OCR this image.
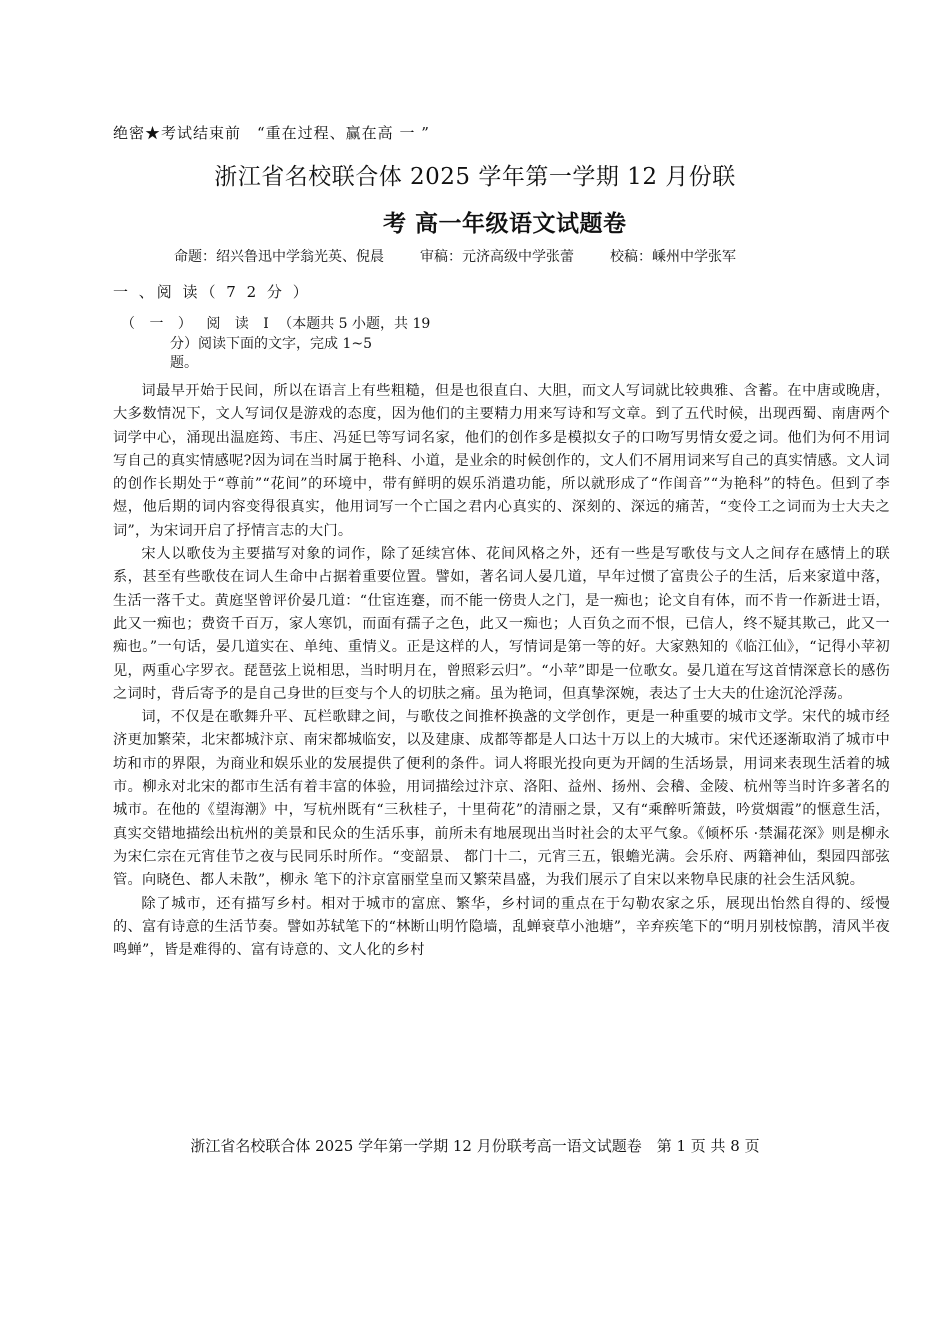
绝密★考试结束前　“重在过程、赢在高 一 ”
浙江省名校联合体 2025 学年第一学期 12 月份联
考 高一年级语文试题卷
命题：绍兴鲁迅中学翁光英、倪晨	审稿：元济高级中学张蕾	校稿：嵊州中学张军
一 、阅 读（ 7 2 分 ）
（ 一 ） 阅 读 I （本题共 5 小题，共 19
分）阅读下面的文字，完成 1~5
题。

词最早开始于民间，所以在语言上有些粗糙，但是也很直白、大胆，而文人写词就比较典雅、含蓄。在中唐或晚唐，大多数情况下，文人写词仅是游戏的态度，因为他们的主要精力用来写诗和写文章。到了五代时候，出现西蜀、南唐两个词学中心，涌现出温庭筠、韦庄、冯延巳等写词名家，他们的创作多是模拟女子的口吻写男情女爱之词。他们为何不用词写自己的真实情感呢?因为词在当时属于艳科、小道，是业余的时候创作的，文人们不屑用词来写自己的真实情感。文人词的创作长期处于“尊前”“花间”的环境中，带有鲜明的娱乐消遣功能，所以就形成了“作闺音”“为艳科”的特色。但到了李煜，他后期的词内容变得很真实，他用词写一个亡国之君内心真实的、深刻的、深远的痛苦，“变伶工之词而为士大夫之词”，为宋词开启了抒情言志的大门。

宋人以歌伎为主要描写对象的词作，除了延续宫体、花间风格之外，还有一些是写歌伎与文人之间存在感情上的联系，甚至有些歌伎在词人生命中占据着重要位置。譬如，著名词人晏几道，早年过惯了富贵公子的生活，后来家道中落，生活一落千丈。黄庭坚曾评价晏几道：“仕宦连蹇，而不能一傍贵人之门，是一痴也；论文自有体，而不肯一作新进士语，此又一痴也；费资千百万，家人寒饥，而面有孺子之色，此又一痴也；人百负之而不恨，已信人，终不疑其欺己，此又一痴也。”一句话，晏几道实在、单纯、重情义。正是这样的人，写情词是第一等的好。大家熟知的《临江仙》，“记得小苹初见，两重心字罗衣。琵琶弦上说相思，当时明月在，曾照彩云归”。“小苹”即是一位歌女。晏几道在写这首情深意长的感伤之词时，背后寄予的是自己身世的巨变与个人的切肤之痛。虽为艳词，但真挚深婉，表达了士大夫的仕途沉沦浮荡。

词，不仅是在歌舞升平、瓦栏歌肆之间，与歌伎之间推杯换盏的文学创作，更是一种重要的城市文学。宋代的城市经济更加繁荣，北宋都城汴京、南宋都城临安，以及建康、成都等都是人口达十万以上的大城市。宋代还逐渐取消了城市中坊和市的界限，为商业和娱乐业的发展提供了便利的条件。词人将眼光投向更为开阔的生活场景，用词来表现生活着的城市。柳永对北宋的都市生活有着丰富的体验，用词描绘过汴京、洛阳、益州、扬州、会稽、金陵、杭州等当时许多著名的城市。在他的《望海潮》中，写杭州既有“三秋桂子，十里荷花”的清丽之景，又有“乘醉听箫鼓，吟赏烟霞”的惬意生活，真实交错地描绘出杭州的美景和民众的生活乐事，前所未有地展现出当时社会的太平气象。《倾杯乐 ·禁漏花深》则是柳永为宋仁宗在元宵佳节之夜与民同乐时所作。“变韶景、 都门十二，元宵三五，银蟾光满。会乐府、两籍神仙，梨园四部弦管。向晓色、都人未散”，柳永 笔下的汴京富丽堂皇而又繁荣昌盛，为我们展示了自宋以来物阜民康的社会生活风貌。

除了城市，还有描写乡村。相对于城市的富庶、繁华，乡村词的重点在于勾勒农家之乐，展现出怡然自得的、绥慢的、富有诗意的生活节奏。譬如苏轼笔下的“林断山明竹隐墙，乱蝉衰草小池塘”，辛弃疾笔下的“明月别枝惊鹊，清风半夜鸣蝉”，皆是难得的、富有诗意的、文人化的乡村

浙江省名校联合体 2025 学年第一学期 12 月份联考高一语文试题卷　第 1 页 共 8 页
